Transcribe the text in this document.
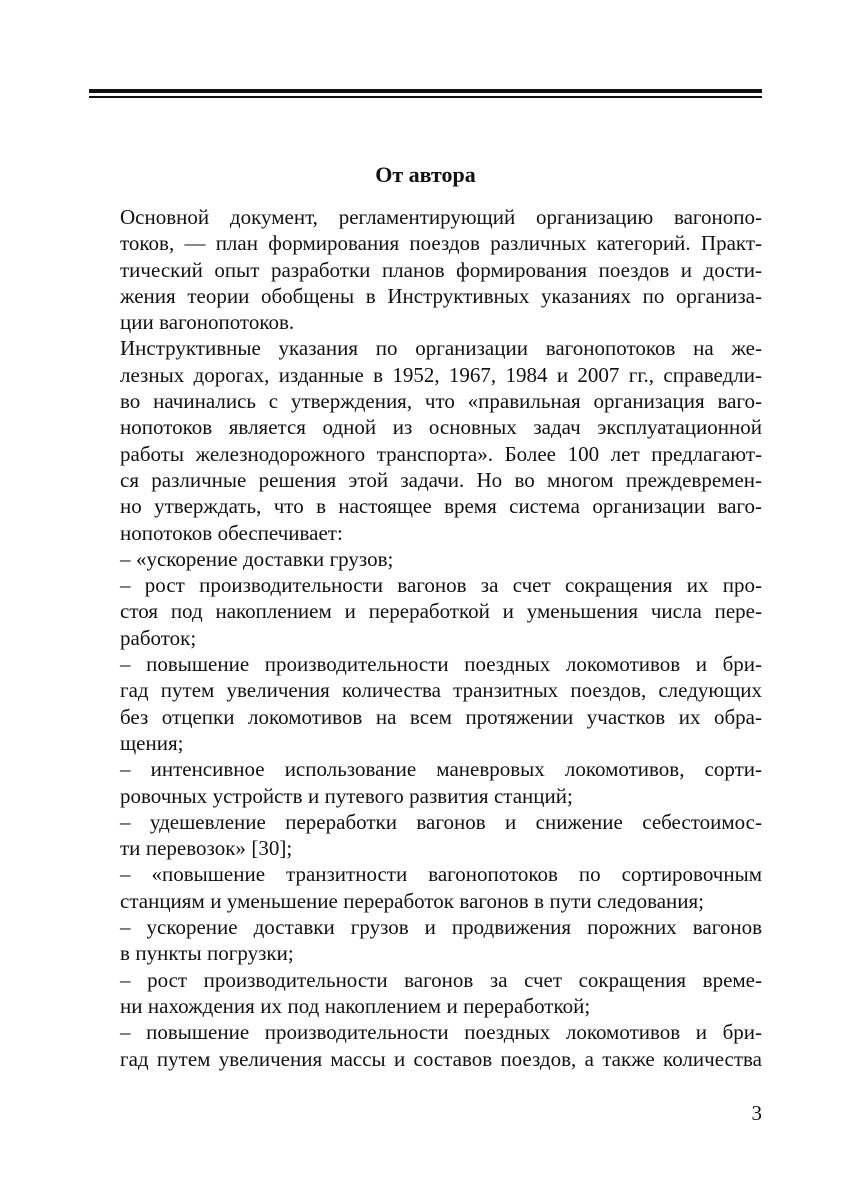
От автора

Основной документ, регламентирующий организацию вагонопо-
токов, — план формирования поездов различных категорий. Практ-
тический опыт разработки планов формирования поездов и дости-
жения теории обобщены в Инструктивных указаниях по организа-
ции вагонопотоков.

Инструктивные указания по организации вагонопотоков на же-
лезных дорогах, изданные в 1952, 1967, 1984 и 2007 гг., справедли-
во начинались с утверждения, что «правильная организация ваго-
нопотоков является одной из основных задач эксплуатационной
работы железнодорожного транспорта». Более 100 лет предлагают-
ся различные решения этой задачи. Но во многом преждевремен-
но утверждать, что в настоящее время система организации ваго-
нопотоков обеспечивает:

– «ускорение доставки грузов;

– рост производительности вагонов за счет сокращения их про-
стоя под накоплением и переработкой и уменьшения числа пере-
работок;

– повышение производительности поездных локомотивов и бри-
гад путем увеличения количества транзитных поездов, следующих
без отцепки локомотивов на всем протяжении участков их обра-
щения;

– интенсивное использование маневровых локомотивов, сорти-
ровочных устройств и путевого развития станций;

– удешевление переработки вагонов и снижение себестоимос-
ти перевозок» [30];

– «повышение транзитности вагонопотоков по сортировочным
станциям и уменьшение переработок вагонов в пути следования;

– ускорение доставки грузов и продвижения порожних вагонов
в пункты погрузки;

– рост производительности вагонов за счет сокращения време-
ни нахождения их под накоплением и переработкой;

– повышение производительности поездных локомотивов и бри-
гад путем увеличения массы и составов поездов, а также количества

3
